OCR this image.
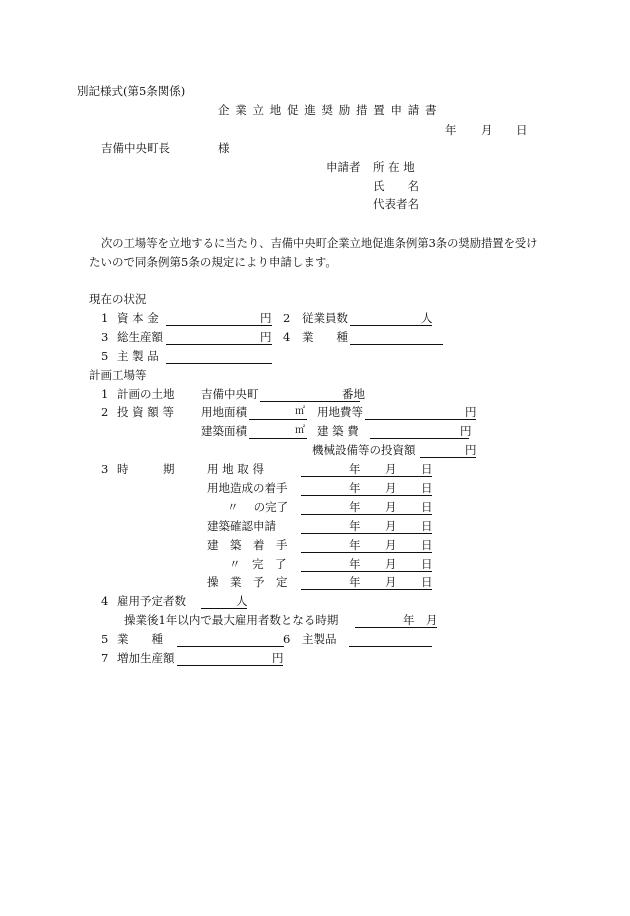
別記様式(第5条関係)
企業立地促進奨励措置申請書
年 月 日
吉備中央町長	様
申請者 所 在 地
氏　　名
代表者名
次の工場等を立地するに当たり、吉備中央町企業立地促進条例第3条の奨励措置を受け
たいので同条例第5条の規定により申請します。
現在の状況
1 資 本 金	円 2 従業員数	人
3 総生産額	円 4 業　　種
5 主 製 品
計画工場等
1 計画の土地 吉備中央町	番地
2 投 資 額 等 用地面積	㎡ 用地費等	円
建築面積	㎡ 建 築 費	円
機械設備等の投資額	円
3 時　　　期	用 地 取 得	年 月 日
用地造成の着手	年 月 日
〃　 の完了	年 月 日
建築確認申請	年 月 日
建　築　着　手	年 月 日
〃　完　了	年 月 日
操　業　予　定	年 月 日
4 雇用予定者数	人
操業後1年以内で最大雇用者数となる時期	年 月
5 業　　種	6 主製品
7 増加生産額	円
